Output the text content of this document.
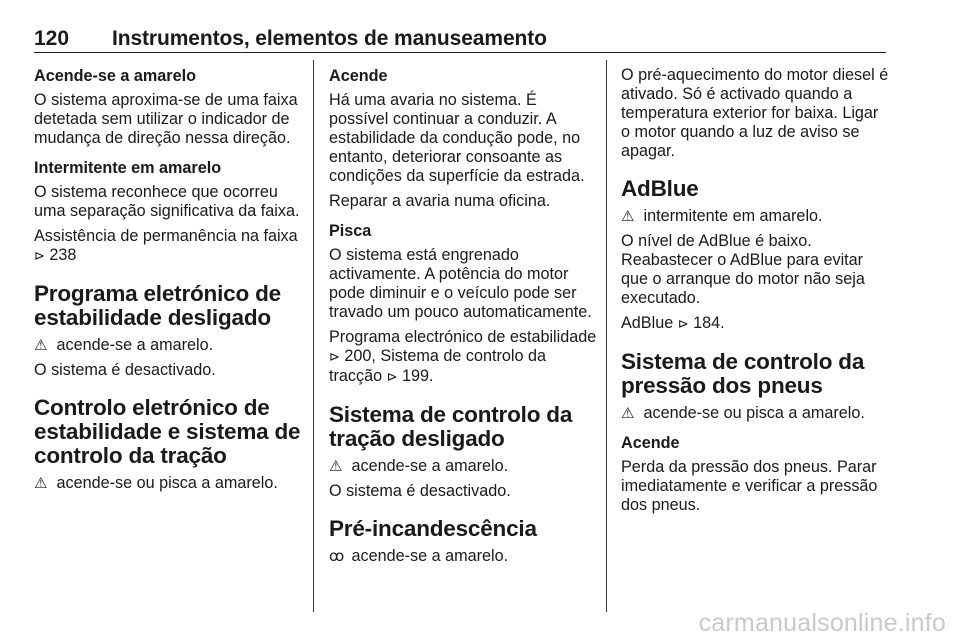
120 Instrumentos, elementos de manuseamento
Acende-se a amarelo
O sistema aproxima-se de uma faixa detetada sem utilizar o indicador de mudança de direção nessa direção.
Intermitente em amarelo
O sistema reconhece que ocorreu uma separação significativa da faixa.
Assistência de permanência na faixa ⊳ 238
Programa eletrónico de estabilidade desligado
⚠ acende-se a amarelo.
O sistema é desactivado.
Controlo eletrónico de estabilidade e sistema de controlo da tração
⚠ acende-se ou pisca a amarelo.
Acende
Há uma avaria no sistema. É possível continuar a conduzir. A estabilidade da condução pode, no entanto, deteriorar consoante as condições da superfície da estrada.
Reparar a avaria numa oficina.
Pisca
O sistema está engrenado activamente. A potência do motor pode diminuir e o veículo pode ser travado um pouco automaticamente.
Programa electrónico de estabilidade ⊳ 200, Sistema de controlo da tracção ⊳ 199.
Sistema de controlo da tração desligado
⚠ acende-se a amarelo.
O sistema é desactivado.
Pré-incandescência
ꝏ acende-se a amarelo.
O pré-aquecimento do motor diesel é ativado. Só é activado quando a temperatura exterior for baixa. Ligar o motor quando a luz de aviso se apagar.
AdBlue
⚠ intermitente em amarelo.
O nível de AdBlue é baixo. Reabastecer o AdBlue para evitar que o arranque do motor não seja executado.
AdBlue ⊳ 184.
Sistema de controlo da pressão dos pneus
⚠ acende-se ou pisca a amarelo.
Acende
Perda da pressão dos pneus. Parar imediatamente e verificar a pressão dos pneus.
carmanualsonline.info
